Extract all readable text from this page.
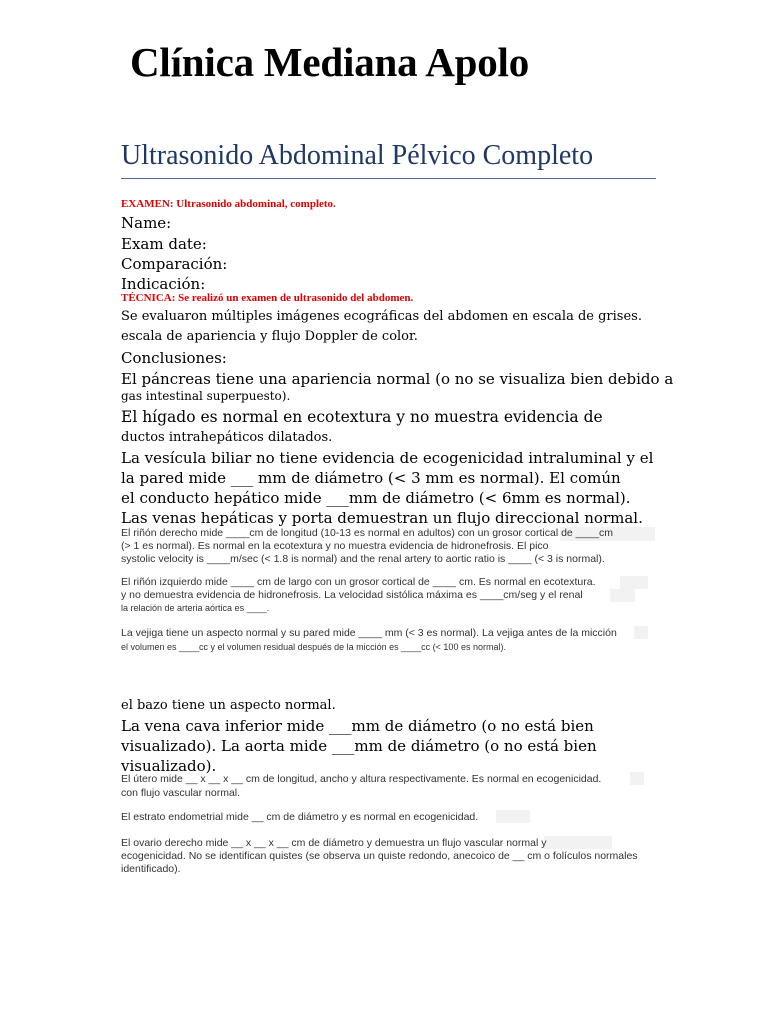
Clínica Mediana Apolo
Ultrasonido Abdominal Pélvico Completo
EXAMEN: Ultrasonido abdominal, completo.
Name:
Exam date:
Comparación:
Indicación:
TÉCNICA: Se realizó un examen de ultrasonido del abdomen.
Se evaluaron múltiples imágenes ecográficas del abdomen en escala de grises.
escala de apariencia y flujo Doppler de color.
Conclusiones:
El páncreas tiene una apariencia normal (o no se visualiza bien debido a
gas intestinal superpuesto).
El hígado es normal en ecotextura y no muestra evidencia de
ductos intrahepáticos dilatados.
La vesícula biliar no tiene evidencia de ecogenicidad intraluminal y el
la pared mide ___ mm de diámetro (< 3 mm es normal). El común
el conducto hepático mide ___mm de diámetro (< 6mm es normal).
Las venas hepáticas y porta demuestran un flujo direccional normal.
El riñón derecho mide ____cm de longitud (10-13 es normal en adultos) con un grosor cortical de ____cm
(> 1 es normal). Es normal en la ecotextura y no muestra evidencia de hidronefrosis. El pico
systolic velocity is ____m/sec (< 1.8 is normal) and the renal artery to aortic ratio is ____ (< 3 is normal).
El riñón izquierdo mide ____ cm de largo con un grosor cortical de ____ cm. Es normal en ecotextura.
y no demuestra evidencia de hidronefrosis. La velocidad sistólica máxima es ____cm/seg y el renal
la relación de arteria aórtica es ____.
La vejiga tiene un aspecto normal y su pared mide ____ mm (< 3 es normal). La vejiga antes de la micción
el volumen es ____cc y el volumen residual después de la micción es ____cc (< 100 es normal).
el bazo tiene un aspecto normal.
La vena cava inferior mide ___mm de diámetro (o no está bien
visualizado). La aorta mide ___mm de diámetro (o no está bien
visualizado).
El útero mide __ x __ x __ cm de longitud, ancho y altura respectivamente. Es normal en ecogenicidad.
con flujo vascular normal.
El estrato endometrial mide __ cm de diámetro y es normal en ecogenicidad.
El ovario derecho mide __ x __ x __ cm de diámetro y demuestra un flujo vascular normal y
ecogenicidad. No se identifican quistes (se observa un quiste redondo, anecoico de __ cm o folículos normales
identificado).
